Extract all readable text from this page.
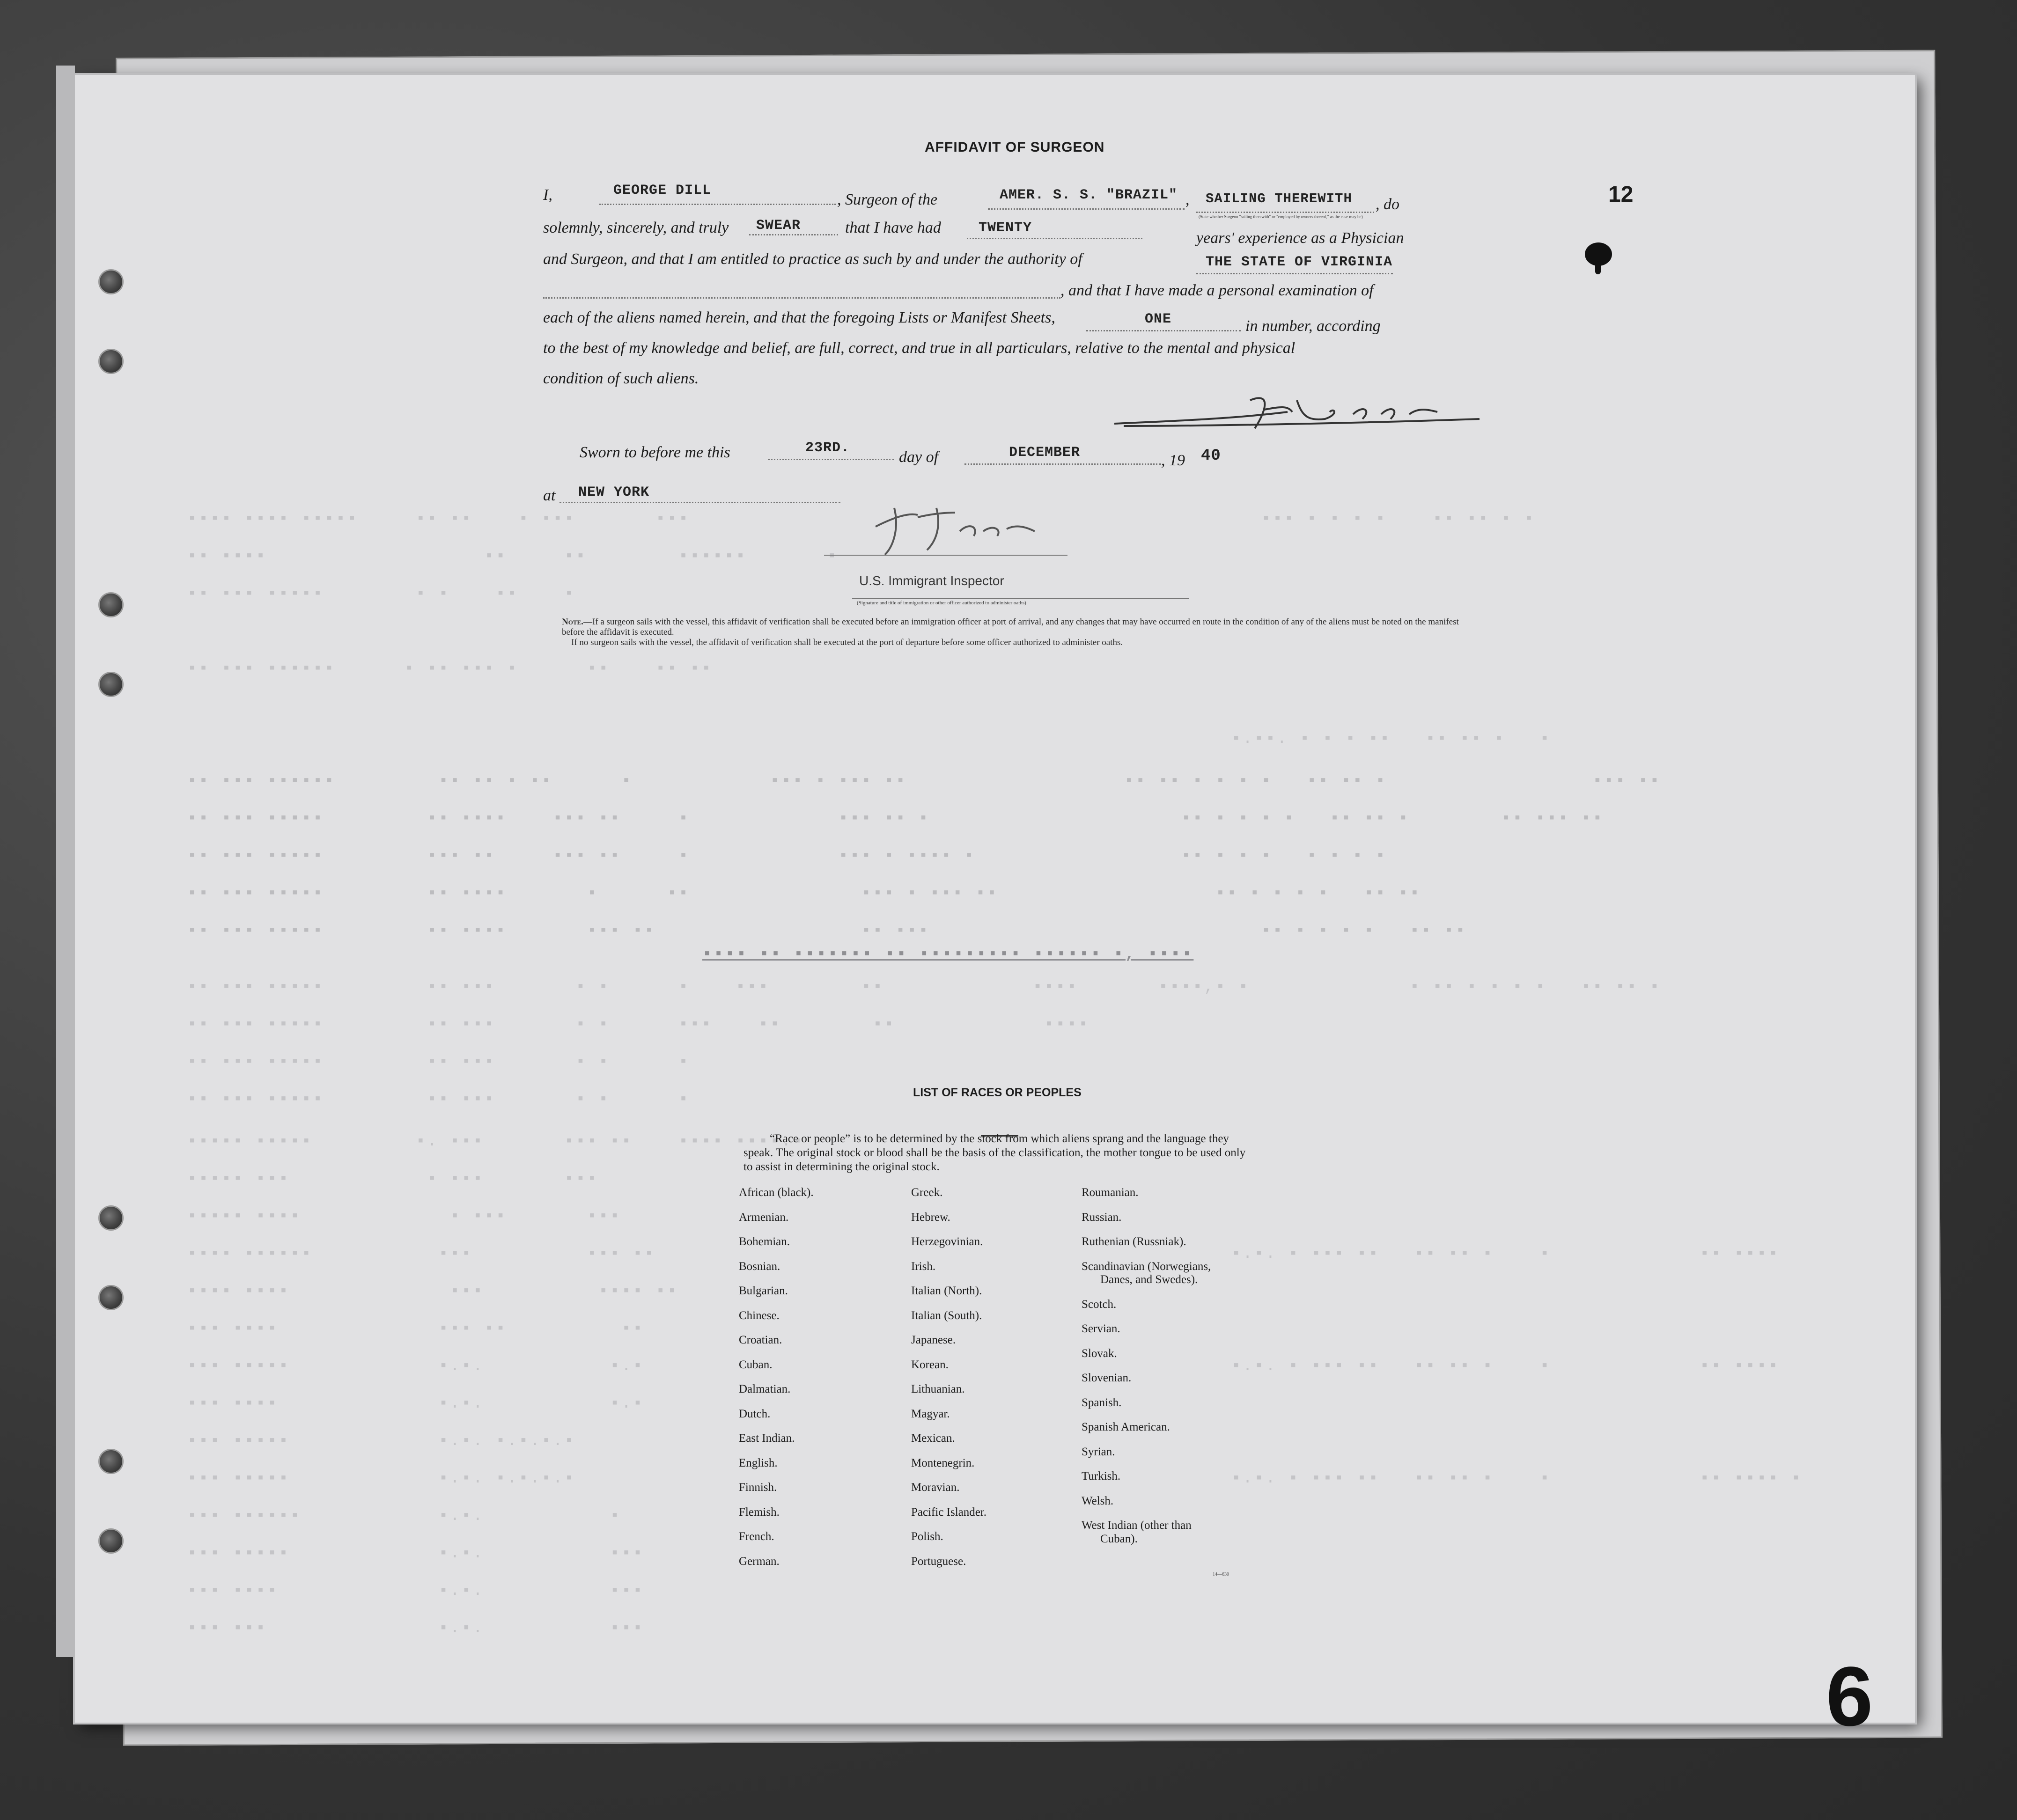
▪▪▪▪ ▪▪▪▪ ▪▪▪▪▪     ▪▪ ▪▪    ▪ ▪▪▪       ▪▪▪                                                  ▪▪▪ ▪ ▪ ▪ ▪    ▪▪ ▪▪ ▪ ▪
▪▪ ▪▪▪▪                   ▪▪     ▪▪        ▪▪▪▪▪▪       ▪
▪▪ ▪▪▪ ▪▪▪▪▪        ▪ ▪    ▪▪    ▪
▪▪ ▪▪▪ ▪▪▪▪▪▪      ▪ ▪▪ ▪▪▪ ▪      ▪▪    ▪▪ ▪▪
▪▪ ▪▪▪ ▪▪▪▪▪▪         ▪▪ ▪▪ ▪ ▪▪      ▪            ▪▪▪ ▪ ▪▪▪ ▪▪                   ▪▪ ▪▪ ▪ ▪ ▪ ▪   ▪▪ ▪▪ ▪                  ▪▪▪ ▪▪
▪▪ ▪▪▪ ▪▪▪▪▪         ▪▪ ▪▪▪▪    ▪▪▪ ▪▪     ▪             ▪▪▪ ▪▪ ▪                      ▪▪ ▪ ▪ ▪ ▪   ▪▪ ▪▪ ▪        ▪▪ ▪▪▪ ▪▪
▪▪ ▪▪▪ ▪▪▪▪▪         ▪▪▪ ▪▪     ▪▪▪ ▪▪     ▪             ▪▪▪ ▪ ▪▪▪▪ ▪                  ▪▪ ▪ ▪ ▪   ▪ ▪ ▪ ▪
▪▪ ▪▪▪ ▪▪▪▪▪         ▪▪ ▪▪▪▪       ▪      ▪▪               ▪▪▪ ▪ ▪▪▪ ▪▪                   ▪▪ ▪ ▪ ▪ ▪   ▪▪ ▪▪
▪▪ ▪▪▪ ▪▪▪▪▪         ▪▪ ▪▪▪▪       ▪▪▪ ▪▪                  ▪▪ ▪▪▪                             ▪▪ ▪ ▪ ▪ ▪   ▪▪ ▪▪
▪▪▪▪ ▪▪ ▪▪▪▪▪▪▪ ▪▪ ▪▪▪▪▪▪▪▪▪ ▪▪▪▪▪▪ ▪, ▪▪▪▪
▪▪ ▪▪▪ ▪▪▪▪▪         ▪▪ ▪▪▪       ▪ ▪      ▪    ▪▪▪        ▪▪             ▪▪▪▪       ▪▪▪▪,▪ ▪              ▪ ▪▪ ▪ ▪ ▪ ▪   ▪▪ ▪▪ ▪
▪▪ ▪▪▪ ▪▪▪▪▪         ▪▪ ▪▪▪       ▪ ▪      ▪▪▪    ▪▪        ▪▪             ▪▪▪▪
▪▪ ▪▪▪ ▪▪▪▪▪         ▪▪ ▪▪▪       ▪ ▪      ▪
▪▪ ▪▪▪ ▪▪▪▪▪         ▪▪ ▪▪▪       ▪ ▪      ▪
▪▪▪▪▪ ▪▪▪▪▪         ▪. ▪▪▪       ▪▪▪ ▪▪    ▪▪▪▪ ▪▪▪▪.▪
▪▪▪▪▪ ▪▪▪            ▪ ▪▪▪       ▪▪▪
▪▪▪▪▪ ▪▪▪▪             ▪ ▪▪▪       ▪▪▪
▪▪▪▪ ▪▪▪▪▪▪           ▪▪▪          ▪▪▪ ▪▪
▪▪▪▪ ▪▪▪▪              ▪▪▪          ▪▪▪▪ ▪▪
▪▪▪ ▪▪▪▪              ▪▪▪ ▪▪          ▪▪
▪▪▪ ▪▪▪▪▪             ▪.▪.           ▪.▪
▪▪▪ ▪▪▪▪              ▪.▪.           ▪.▪
▪▪▪ ▪▪▪▪▪             ▪.▪. ▪.▪.▪.▪
▪▪▪ ▪▪▪▪▪             ▪.▪. ▪.▪.▪.▪
▪▪▪ ▪▪▪▪▪▪            ▪.▪.           ▪
▪▪▪ ▪▪▪▪▪             ▪.▪.           ▪▪▪
▪▪▪ ▪▪▪▪              ▪.▪.           ▪▪▪
▪▪▪ ▪▪▪               ▪.▪.           ▪▪▪
▪.▪▪. ▪ ▪ ▪ ▪▪   ▪▪ ▪▪ ▪   ▪
▪.▪. ▪ ▪▪▪ ▪▪   ▪▪ ▪▪ ▪    ▪             ▪▪ ▪▪▪▪
▪.▪. ▪ ▪▪▪ ▪▪   ▪▪ ▪▪ ▪    ▪             ▪▪ ▪▪▪▪
▪.▪. ▪ ▪▪▪ ▪▪   ▪▪ ▪▪ ▪    ▪             ▪▪ ▪▪▪▪ ▪
AFFIDAVIT OF SURGEON
12
I,	GEORGE DILL
, Surgeon of the	AMER. S. S. "BRAZIL" , SAILING THEREWITH
(State whether Surgeon "sailing therewith" or "employed by owners thereof," as the case may be)
, do
solemnly, sincerely, and truly SWEAR	that I have had	TWENTY
years' experience as a Physician
and Surgeon, and that I am entitled to practice as such by and under the authority of	THE STATE OF VIRGINIA
, and that I have made a personal examination of
each of the aliens named herein, and that the foregoing Lists or Manifest Sheets,	ONE	in number, according
to the best of my knowledge and belief, are full, correct, and true in all particulars, relative to the mental and physical
condition of such aliens.
Sworn to before me this	23RD.
day of	DECEMBER	, 19 40
at NEW YORK
U.S. Immigrant Inspector
(Signature and title of immigration or other officer authorized to administer oaths)
Note.—If a surgeon sails with the vessel, this affidavit of verification shall be executed before an immigration officer at port of arrival, and any changes that may have occurred en route in the condition of any of the aliens must be noted on the manifest before the affidavit is executed.
If no surgeon sails with the vessel, the affidavit of verification shall be executed at the port of departure before some officer authorized to administer oaths.
LIST OF RACES OR PEOPLES
“Race or people” is to be determined by the stock from which aliens sprang and the language they speak. The original stock or blood shall be the basis of the classification, the mother tongue to be used only to assist in determining the original stock.
African (black).
Armenian.
Bohemian.
Bosnian.
Bulgarian.
Chinese.
Croatian.
Cuban.
Dalmatian.
Dutch.
East Indian.
English.
Finnish.
Flemish.
French.
German.
Greek.
Hebrew.
Herzegovinian.
Irish.
Italian (North).
Italian (South).
Japanese.
Korean.
Lithuanian.
Magyar.
Mexican.
Montenegrin.
Moravian.
Pacific Islander.
Polish.
Portuguese.
Roumanian.
Russian.
Ruthenian (Russniak).
Scandinavian (Norwegians,
Danes, and Swedes).
Scotch.
Servian.
Slovak.
Slovenian.
Spanish.
Spanish American.
Syrian.
Turkish.
Welsh.
West Indian (other than
Cuban).
14—630
9
